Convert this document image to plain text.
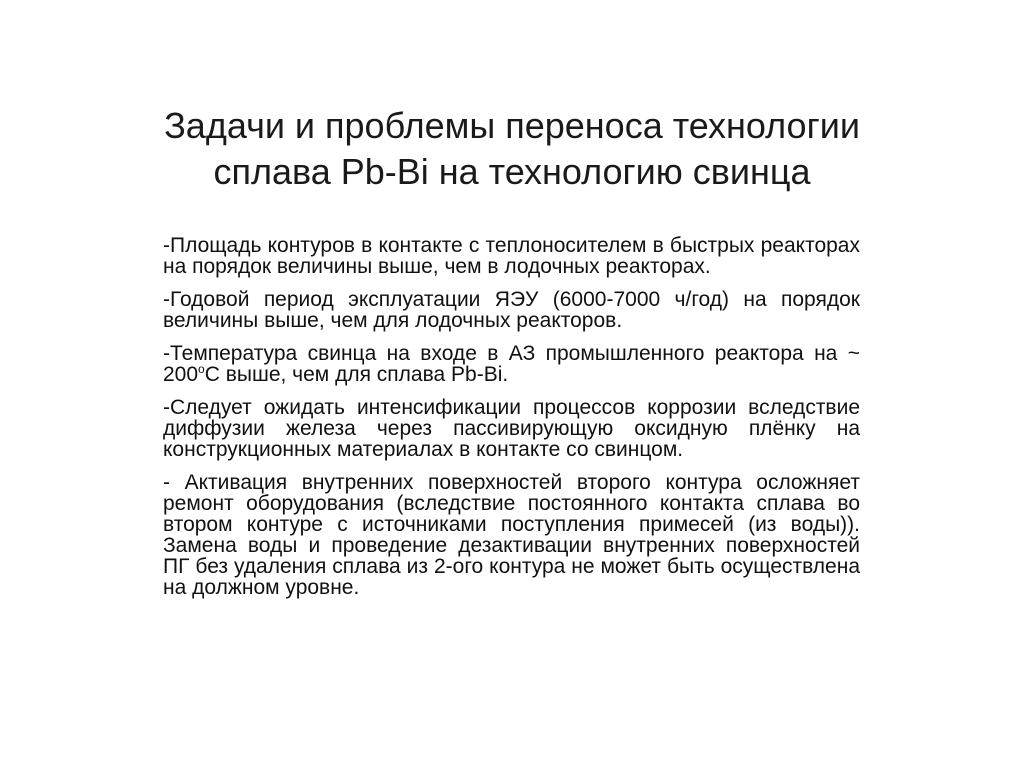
Задачи и проблемы переноса технологии
сплава Pb-Bi на технологию свинца
-Площадь контуров в контакте с теплоносителем в быстрых реакторах на порядок величины выше, чем в лодочных реакторах.
-Годовой период эксплуатации ЯЭУ (6000-7000 ч/год) на порядок величины выше, чем для лодочных реакторов.
-Температура свинца на входе в АЗ промышленного реактора на ~ $200^оС$ выше, чем для сплава Pb-Bi.
-Следует ожидать интенсификации процессов коррозии вследствие диффузии железа через пассивирующую оксидную плёнку на конструкционных материалах в контакте со свинцом.
- Активация внутренних поверхностей второго контура осложняет ремонт оборудования (вследствие постоянного контакта сплава во втором контуре с источниками поступления примесей (из воды)). Замена воды и проведение дезактивации внутренних поверхностей ПГ без удаления сплава из 2-ого контура не может быть осуществлена на должном уровне.
